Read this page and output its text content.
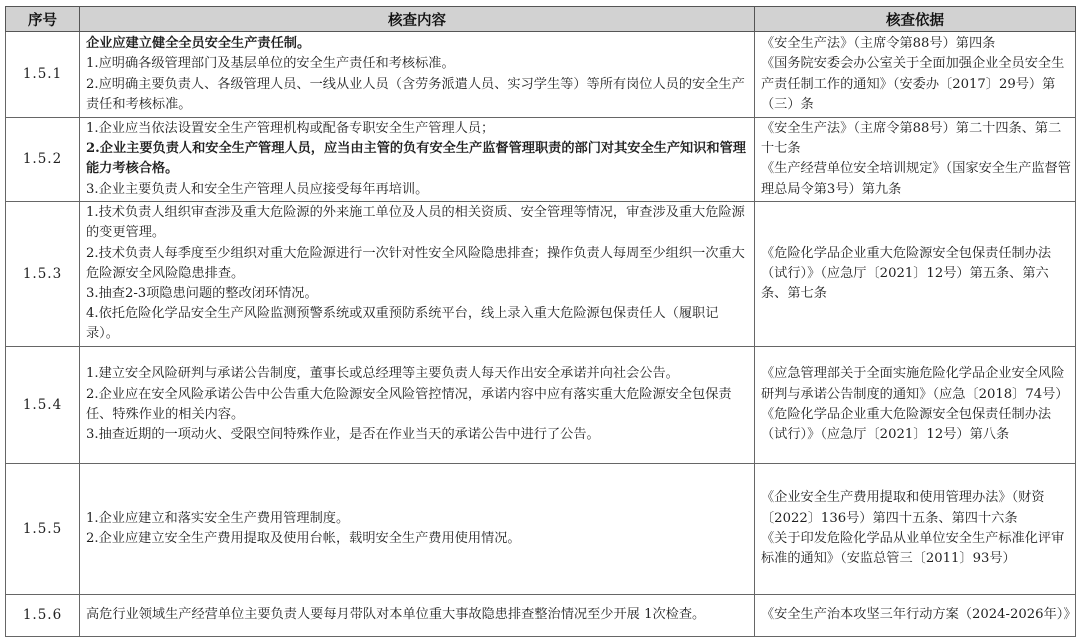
序号	核查内容	核查依据
1.5.1	企业应建立健全全员安全生产责任制。
1.应明确各级管理部门及基层单位的安全生产责任和考核标准。
2.应明确主要负责人、各级管理人员、一线从业人员（含劳务派遣人员、实习学生等）等所有岗位人员的安全生产责任和考核标准。	《安全生产法》（主席令第88号）第四条
《国务院安委会办公室关于全面加强企业全员安全生产责任制工作的通知》（安委办〔2017〕29号）第（三）条

1.5.2	1.企业应当依法设置安全生产管理机构或配备专职安全生产管理人员；
2.企业主要负责人和安全生产管理人员，应当由主管的负有安全生产监督管理职责的部门对其安全生产知识和管理能力考核合格。
3.企业主要负责人和安全生产管理人员应接受每年再培训。	《安全生产法》（主席令第88号）第二十四条、第二十七条
《生产经营单位安全培训规定》（国家安全生产监督管理总局令第3号）第九条

1.5.3	1.技术负责人组织审查涉及重大危险源的外来施工单位及人员的相关资质、安全管理等情况，审查涉及重大危险源的变更管理。
2.技术负责人每季度至少组织对重大危险源进行一次针对性安全风险隐患排查；操作负责人每周至少组织一次重大危险源安全风险隐患排查。
3.抽查2-3项隐患问题的整改闭环情况。
4.依托危险化学品安全生产风险监测预警系统或双重预防系统平台，线上录入重大危险源包保责任人（履职记录）。	《危险化学品企业重大危险源安全包保责任制办法（试行）》（应急厅〔2021〕12号）第五条、第六条、第七条

1.5.4	1.建立安全风险研判与承诺公告制度，董事长或总经理等主要负责人每天作出安全承诺并向社会公告。
2.企业应在安全风险承诺公告中公告重大危险源安全风险管控情况，承诺内容中应有落实重大危险源安全包保责任、特殊作业的相关内容。
3.抽查近期的一项动火、受限空间特殊作业，是否在作业当天的承诺公告中进行了公告。	《应急管理部关于全面实施危险化学品企业安全风险研判与承诺公告制度的通知》（应急〔2018〕74号）
《危险化学品企业重大危险源安全包保责任制办法（试行）》（应急厅〔2021〕12号）第八条

1.5.5	1.企业应建立和落实安全生产费用管理制度。
2.企业应建立安全生产费用提取及使用台帐，载明安全生产费用使用情况。	《企业安全生产费用提取和使用管理办法》（财资〔2022〕136号）第四十五条、第四十六条
《关于印发危险化学品从业单位安全生产标准化评审标准的通知》（安监总管三〔2011〕93号）

1.5.6	高危行业领域生产经营单位主要负责人要每月带队对本单位重大事故隐患排查整治情况至少开展 1次检查。	《安全生产治本攻坚三年行动方案（2024-2026年）》
